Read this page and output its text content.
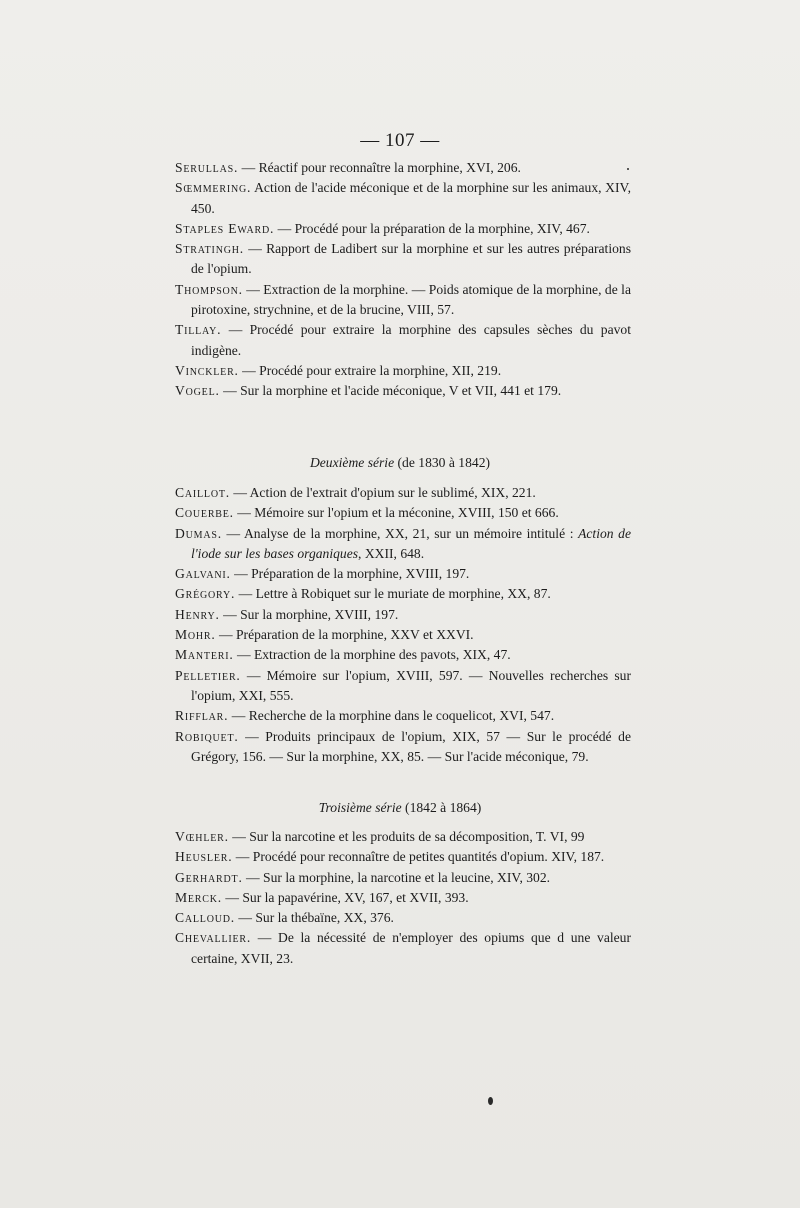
— 107 —

Serullas. — Réactif pour reconnaître la morphine, XVI, 206.

Sœmmering. Action de l'acide méconique et de la morphine sur les animaux, XIV, 450.

Staples Eward. — Procédé pour la préparation de la morphine, XIV, 467.

Stratingh. — Rapport de Ladibert sur la morphine et sur les autres préparations de l'opium.

Thompson. — Extraction de la morphine. — Poids atomique de la morphine, de la pirotoxine, strychnine, et de la brucine, VIII, 57.

Tillay. — Procédé pour extraire la morphine des capsules sèches du pavot indigène.

Vinckler. — Procédé pour extraire la morphine, XII, 219.

Vogel. — Sur la morphine et l'acide méconique, V et VII, 441 et 179.

Deuxième série (de 1830 à 1842)

Caillot. — Action de l'extrait d'opium sur le sublimé, XIX, 221.

Couerbe. — Mémoire sur l'opium et la méconine, XVIII, 150 et 666.

Dumas. — Analyse de la morphine, XX, 21, sur un mémoire intitulé : Action de l'iode sur les bases organiques, XXII, 648.

Galvani. — Préparation de la morphine, XVIII, 197.

Grégory. — Lettre à Robiquet sur le muriate de morphine, XX, 87.

Henry. — Sur la morphine, XVIII, 197.

Mohr. — Préparation de la morphine, XXV et XXVI.

Manteri. — Extraction de la morphine des pavots, XIX, 47.

Pelletier. — Mémoire sur l'opium, XVIII, 597. — Nouvelles recherches sur l'opium, XXI, 555.

Rifflar. — Recherche de la morphine dans le coquelicot, XVI, 547.

Robiquet. — Produits principaux de l'opium, XIX, 57 — Sur le procédé de Grégory, 156. — Sur la morphine, XX, 85. — Sur l'acide méconique, 79.

Troisième série (1842 à 1864)

Vœhler. — Sur la narcotine et les produits de sa décomposition, T. VI, 99

Heusler. — Procédé pour reconnaître de petites quantités d'opium. XIV, 187.

Gerhardt. — Sur la morphine, la narcotine et la leucine, XIV, 302.

Merck. — Sur la papavérine, XV, 167, et XVII, 393.

Calloud. — Sur la thébaïne, XX, 376.

Chevallier. — De la nécessité de n'employer des opiums que d une valeur certaine, XVII, 23.
